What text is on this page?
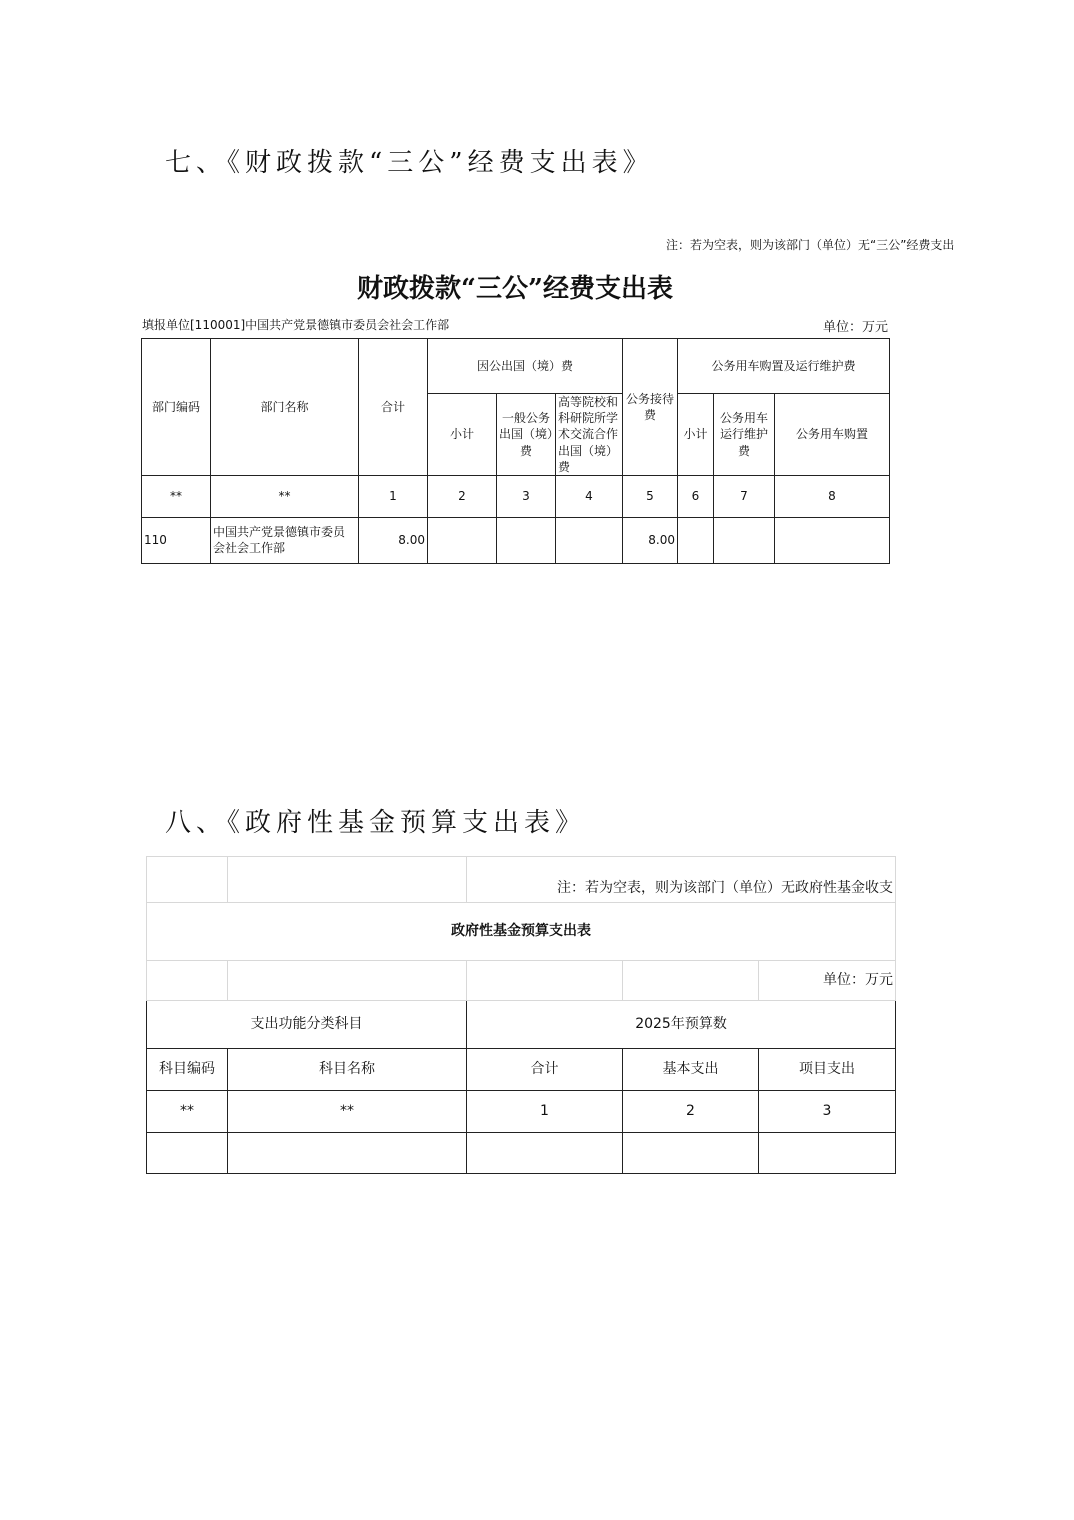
七、《财政拨款“三公”经费支出表》
注：若为空表，则为该部门（单位）无“三公”经费支出
财政拨款“三公”经费支出表
填报单位[110001]中国共产党景德镇市委员会社会工作部	单位：万元
部门编码	部门名称	合计	因公出国（境）费			公务接待费	公务用车购置及运行维护费		
			小计	一般公务出国（境）费	高等院校和科研院所学术交流合作出国（境）费		小计	公务用车运行维护费	公务用车购置
**	**	1	2	3	4	5	6	7	8
110	中国共产党景德镇市委员会社会工作部	8.00				8.00			
八、《政府性基金预算支出表》
		注：若为空表，则为该部门（单位）无政府性基金收支		
政府性基金预算支出表				
				单位：万元
支出功能分类科目		2025年预算数		
科目编码	科目名称	合计	基本支出	项目支出
**	**	1	2	3
